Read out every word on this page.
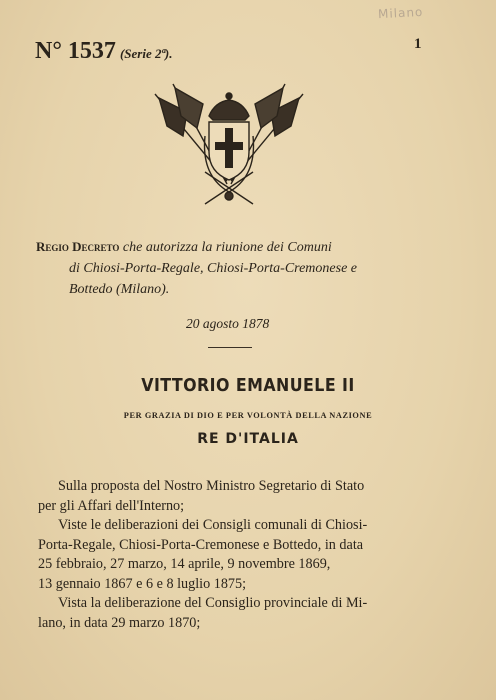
Milano
N° 1537 (Serie 2ª).
1
Regio Decreto che autorizza la riunione dei Comuni
di Chiosi-Porta-Regale, Chiosi-Porta-Cremonese e
Bottedo (Milano).
20 agosto 1878
VITTORIO EMANUELE II
PER GRAZIA DI DIO E PER VOLONTÀ DELLA NAZIONE
RE D'ITALIA

Sulla proposta del Nostro Ministro Segretario di Stato

per gli Affari dell'Interno;

Viste le deliberazioni dei Consigli comunali di Chiosi-

Porta-Regale, Chiosi-Porta-Cremonese e Bottedo, in data

25 febbraio, 27 marzo, 14 aprile, 9 novembre 1869,

13 gennaio 1867 e 6 e 8 luglio 1875;

Vista la deliberazione del Consiglio provinciale di Mi-

lano, in data 29 marzo 1870;
